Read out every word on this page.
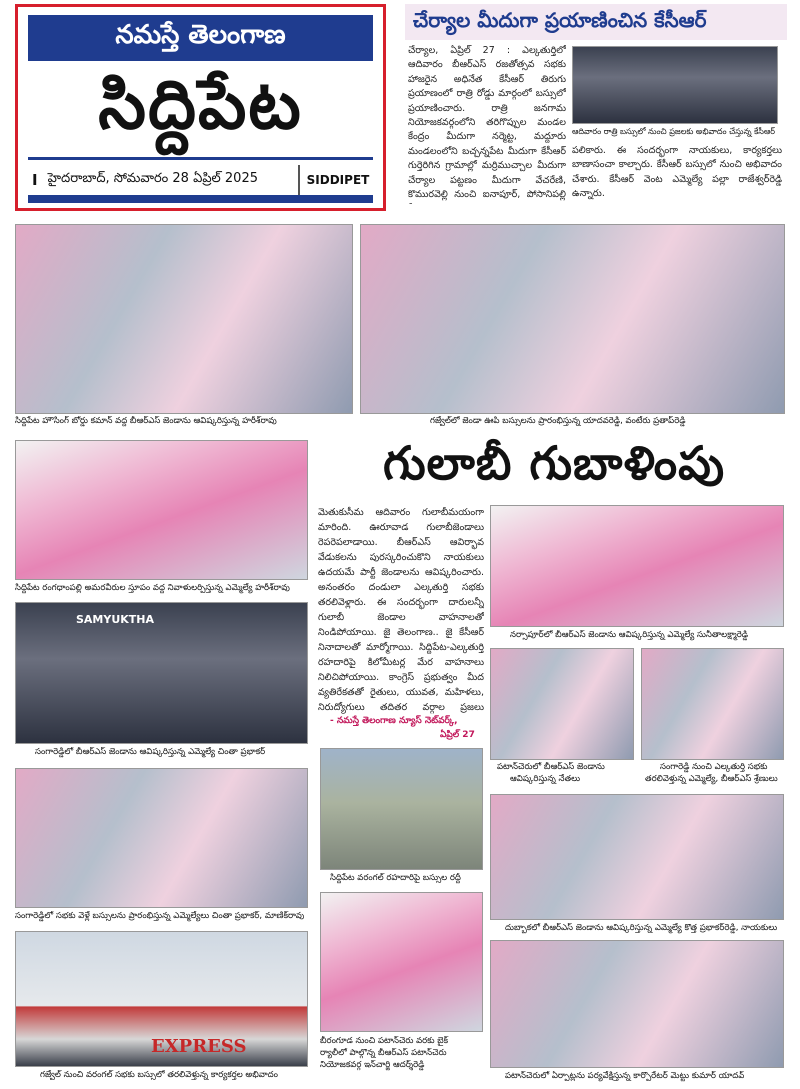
నమస్తే తెలంగాణ
సిద్దిపేట
I హైదరాబాద్, సోమవారం 28 ఏప్రిల్ 2025	SIDDIPET
చేర్యాల మీదుగా ప్రయాణించిన కేసీఆర్
చేర్యాల, ఏప్రిల్ 27 : ఎల్కతుర్తిలో ఆదివారం బీఆర్ఎస్ రజతోత్సవ సభకు హాజరైన అధినేత కేసీఆర్ తిరుగు ప్రయాణంలో రాత్రి రోడ్డు మార్గంలో బస్సులో ప్రయాణించారు. రాత్రి జనగామ నియోజకవర్గంలోని తరిగొప్పుల మండల కేంద్రం మీదుగా నర్మెట్ట, మద్దూరు మండలంలోని బచ్చన్నపేట మీదుగా కేసీఆర్ గుర్తెరిగిన గ్రామాల్లో మర్రిముచ్చాల మీదుగా చేర్యాల పట్టణం మీదుగా వేచరేణి, కొమురవెల్లి నుంచి ఐనాపూర్, పోసానిపల్లి
ఆదివారం రాత్రి బస్సులో నుంచి ప్రజలకు అభివాదం చేస్తున్న కేసీఆర్
పలికారు. ఈ సందర్భంగా నాయకులు, కార్యకర్తలు బాణాసంచా కాల్చారు. కేసీఆర్ బస్సులో నుంచి అభివాదం చేశారు. కేసీఆర్ వెంట ఎమ్మెల్యే పల్లా రాజేశ్వర్‌రెడ్డి ఉన్నారు.
సిద్దిపేట హౌసింగ్ బోర్డు కమాన్ వద్ద బీఆర్ఎస్ జెండాను ఆవిష్కరిస్తున్న హరీశ్‌రావు	గజ్వేల్‌లో జెండా ఊపి బస్సులను ప్రారంభిస్తున్న యాదవరెడ్డి, వంటేరు ప్రతాప్‌రెడ్డి
గులాబీ గుబాళింపు
సిద్దిపేట రంగధాంపల్లి అమరవీరుల స్తూపం వద్ద నివాళులర్పిస్తున్న ఎమ్మెల్యే హరీశ్‌రావు
SAMYUKTHA
సంగారెడ్డిలో బీఆర్ఎస్ జెండాను ఆవిష్కరిస్తున్న ఎమ్మెల్యే చింతా ప్రభాకర్
సంగారెడ్డిలో సభకు వెళ్లే బస్సులను ప్రారంభిస్తున్న ఎమ్మెల్యేలు చింతా ప్రభాకర్, మాణిక్‌రావు
EXPRESS
గజ్వేల్ నుంచి వరంగల్ సభకు బస్సులో తరలివెళ్తున్న కార్యకర్తల అభివాదం
మెతుకుసీమ ఆదివారం గులాబీమయంగా మారింది. ఊరూవాడ గులాబీజెండాలు రెపరెపలాడాయి. బీఆర్ఎస్ ఆవిర్భావ వేడుకలను పురస్కరించుకొని నాయకులు ఉదయమే పార్టీ జెండాలను ఆవిష్కరించారు. అనంతరం దండులా ఎల్కతుర్తి సభకు తరలివెళ్లారు. ఈ సందర్భంగా దారులన్నీ గులాబీ జెండాల వాహనాలతో నిండిపోయాయి. జై తెలంగాణ.. జై కేసీఆర్ నినాదాలతో మార్మోగాయి. సిద్దిపేట-ఎల్కతుర్తి రహదారిపై కిలోమీటర్ల మేర వాహనాలు నిలిచిపోయాయి. కాంగ్రెస్ ప్రభుత్వం మీద వ్యతిరేకతతో రైతులు, యువత, మహిళలు, నిరుద్యోగులు తదితర వర్గాల ప్రజలు
- నమస్తే తెలంగాణ న్యూస్ నెట్‌వర్క్,
ఏప్రిల్ 27
సిద్దిపేట వరంగల్ రహదారిపై బస్సుల రద్దీ
బీరంగూడ నుంచి పటాన్‌చెరు వరకు బైక్
ర్యాలీలో పాల్గొన్న బీఆర్ఎస్ పటాన్‌చెరు
నియోజకవర్గ ఇన్‌చార్జి ఆదర్శ్‌రెడ్డి
నర్సాపూర్‌లో బీఆర్ఎస్ జెండాను ఆవిష్కరిస్తున్న ఎమ్మెల్యే సునీతాలక్ష్మారెడ్డి
పటాన్‌చెరులో బీఆర్ఎస్ జెండాను
ఆవిష్కరిస్తున్న నేతలు
సంగారెడ్డి నుంచి ఎల్కతుర్తి సభకు
తరలివెళ్తున్న ఎమ్మెల్యే, బీఆర్ఎస్ శ్రేణులు
దుబ్బాకలో బీఆర్ఎస్ జెండాను ఆవిష్కరిస్తున్న ఎమ్మెల్యే కొత్త ప్రభాకర్‌రెడ్డి, నాయకులు
పటాన్‌చెరులో ఏర్పాట్లను పర్యవేక్షిస్తున్న కార్పొరేటర్ మెట్టు కుమార్ యాదవ్
